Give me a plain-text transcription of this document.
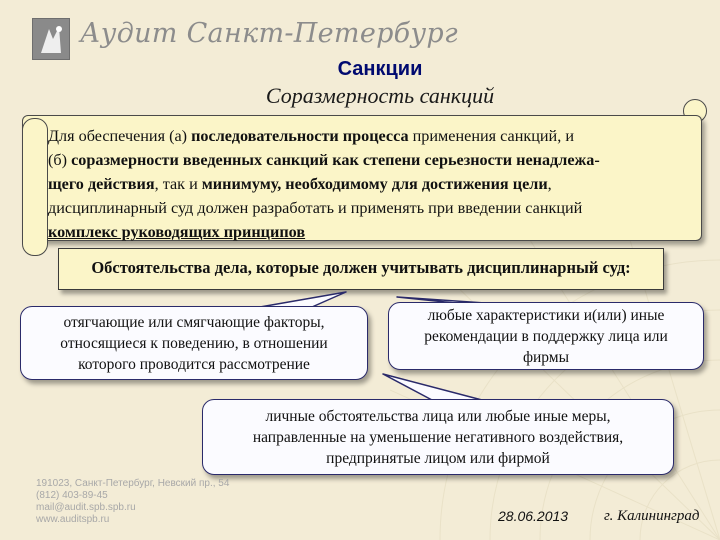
Аудит Санкт-Петербург
Санкции
Соразмерность санкций
Для обеспечения (а) последовательности процесса применения санкций, и
(б) соразмерности введенных санкций как степени серьезности ненадлежа-
щего действия, так и минимуму, необходимому для достижения цели,
дисциплинарный суд должен разработать и применять при введении санкций
комплекс руководящих принципов
Обстоятельства дела, которые должен учитывать дисциплинарный суд:
отягчающие или смягчающие факторы,
относящиеся к поведению, в отношении
которого проводится рассмотрение
любые характеристики и(или) иные
рекомендации в поддержку лица или
фирмы
личные обстоятельства лица или любые иные меры,
направленные на уменьшение негативного воздействия,
предпринятые лицом или фирмой
191023, Санкт-Петербург, Невский пр., 54
(812) 403-89-45
mail@audit.spb.spb.ru
www.auditspb.ru	28.06.2013 г. Калининград
